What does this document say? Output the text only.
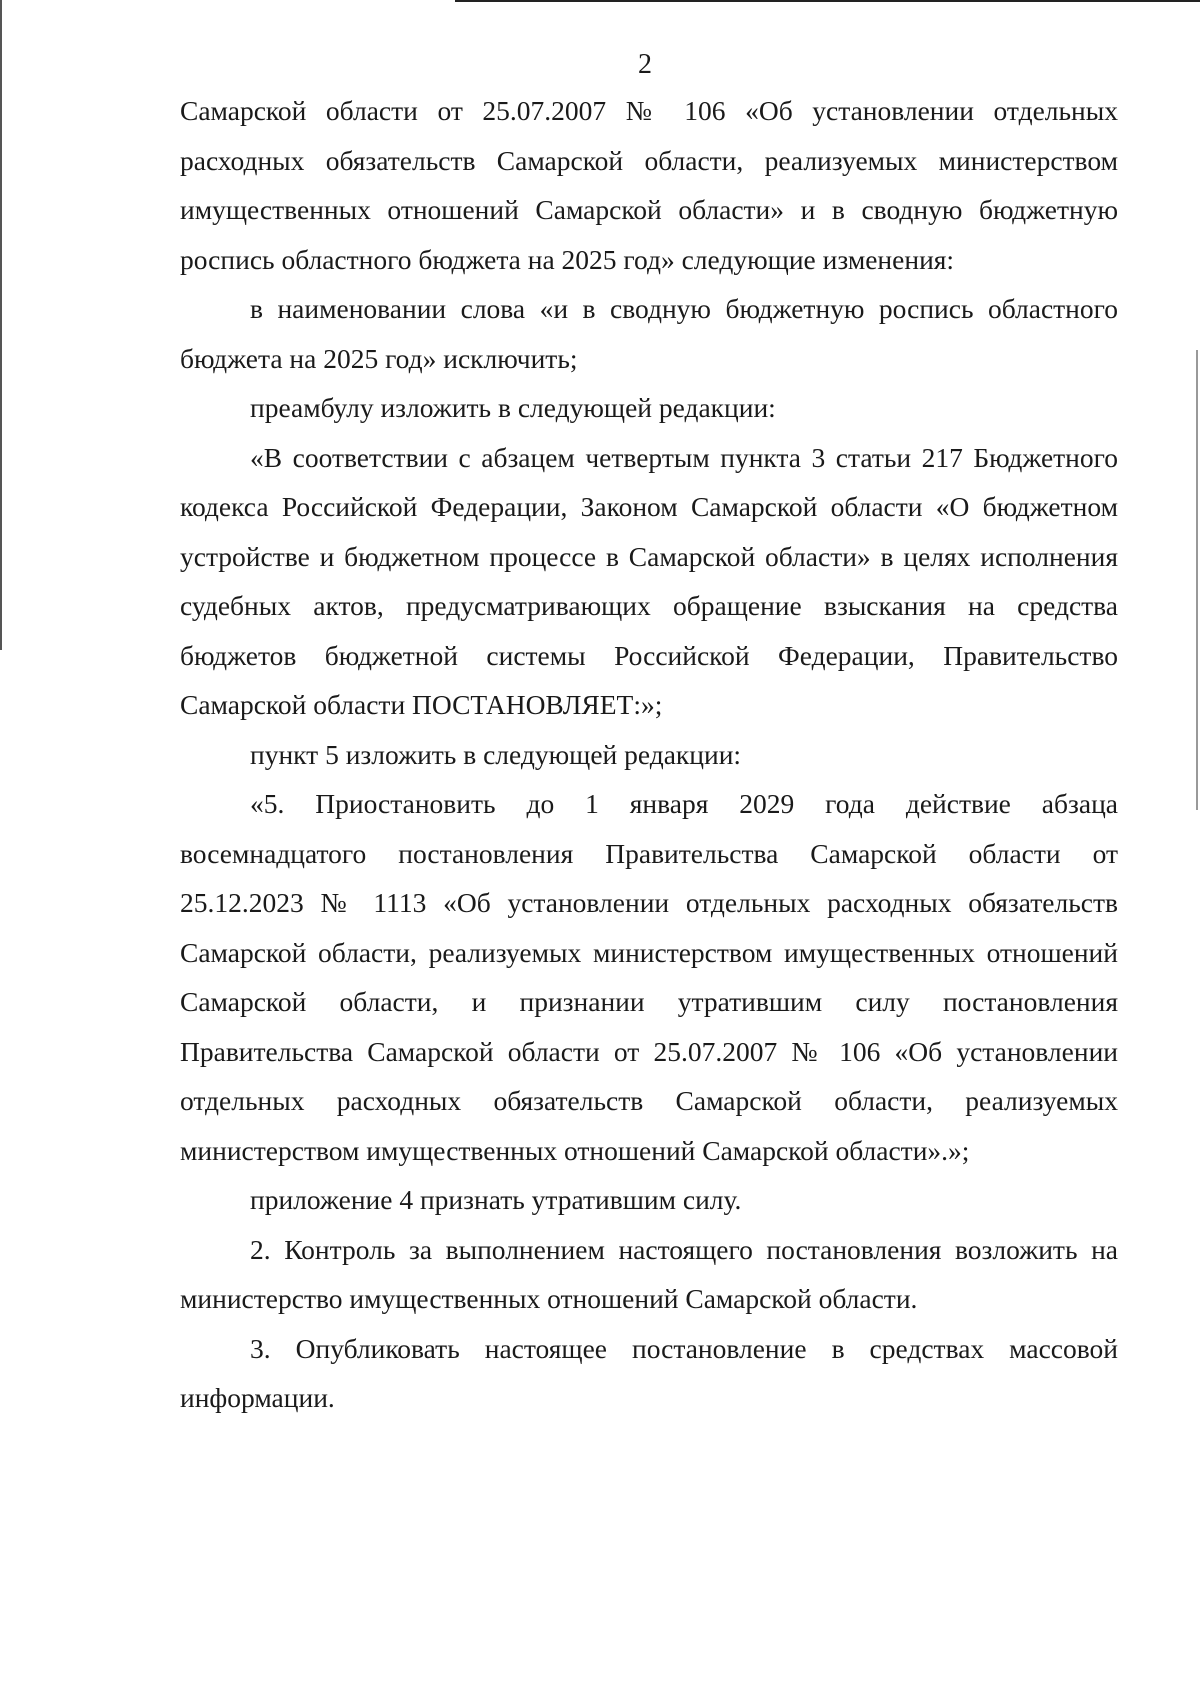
2

Самарской области от 25.07.2007 № 106 «Об установлении отдельных расходных обязательств Самарской области, реализуемых министерством имущественных отношений Самарской области» и в сводную бюджетную роспись областного бюджета на 2025 год» следующие изменения:

в наименовании слова «и в сводную бюджетную роспись областного бюджета на 2025 год» исключить;

преамбулу изложить в следующей редакции:

«В соответствии с абзацем четвертым пункта 3 статьи 217 Бюджетного кодекса Российской Федерации, Законом Самарской области «О бюджетном устройстве и бюджетном процессе в Самарской области» в целях исполнения судебных актов, предусматривающих обращение взыскания на средства бюджетов бюджетной системы Российской Федерации, Правительство Самарской области ПОСТАНОВЛЯЕТ:»;

пункт 5 изложить в следующей редакции:

«5. Приостановить до 1 января 2029 года действие абзаца восемнадцатого постановления Правительства Самарской области от 25.12.2023 № 1113 «Об установлении отдельных расходных обязательств Самарской области, реализуемых министерством имущественных отношений Самарской области, и признании утратившим силу постановления Правительства Самарской области от 25.07.2007 № 106 «Об установлении отдельных расходных обязательств Самарской области, реализуемых министерством имущественных отношений Самарской области».»;

приложение 4 признать утратившим силу.

2. Контроль за выполнением настоящего постановления возложить на министерство имущественных отношений Самарской области.

3. Опубликовать настоящее постановление в средствах массовой информации.
